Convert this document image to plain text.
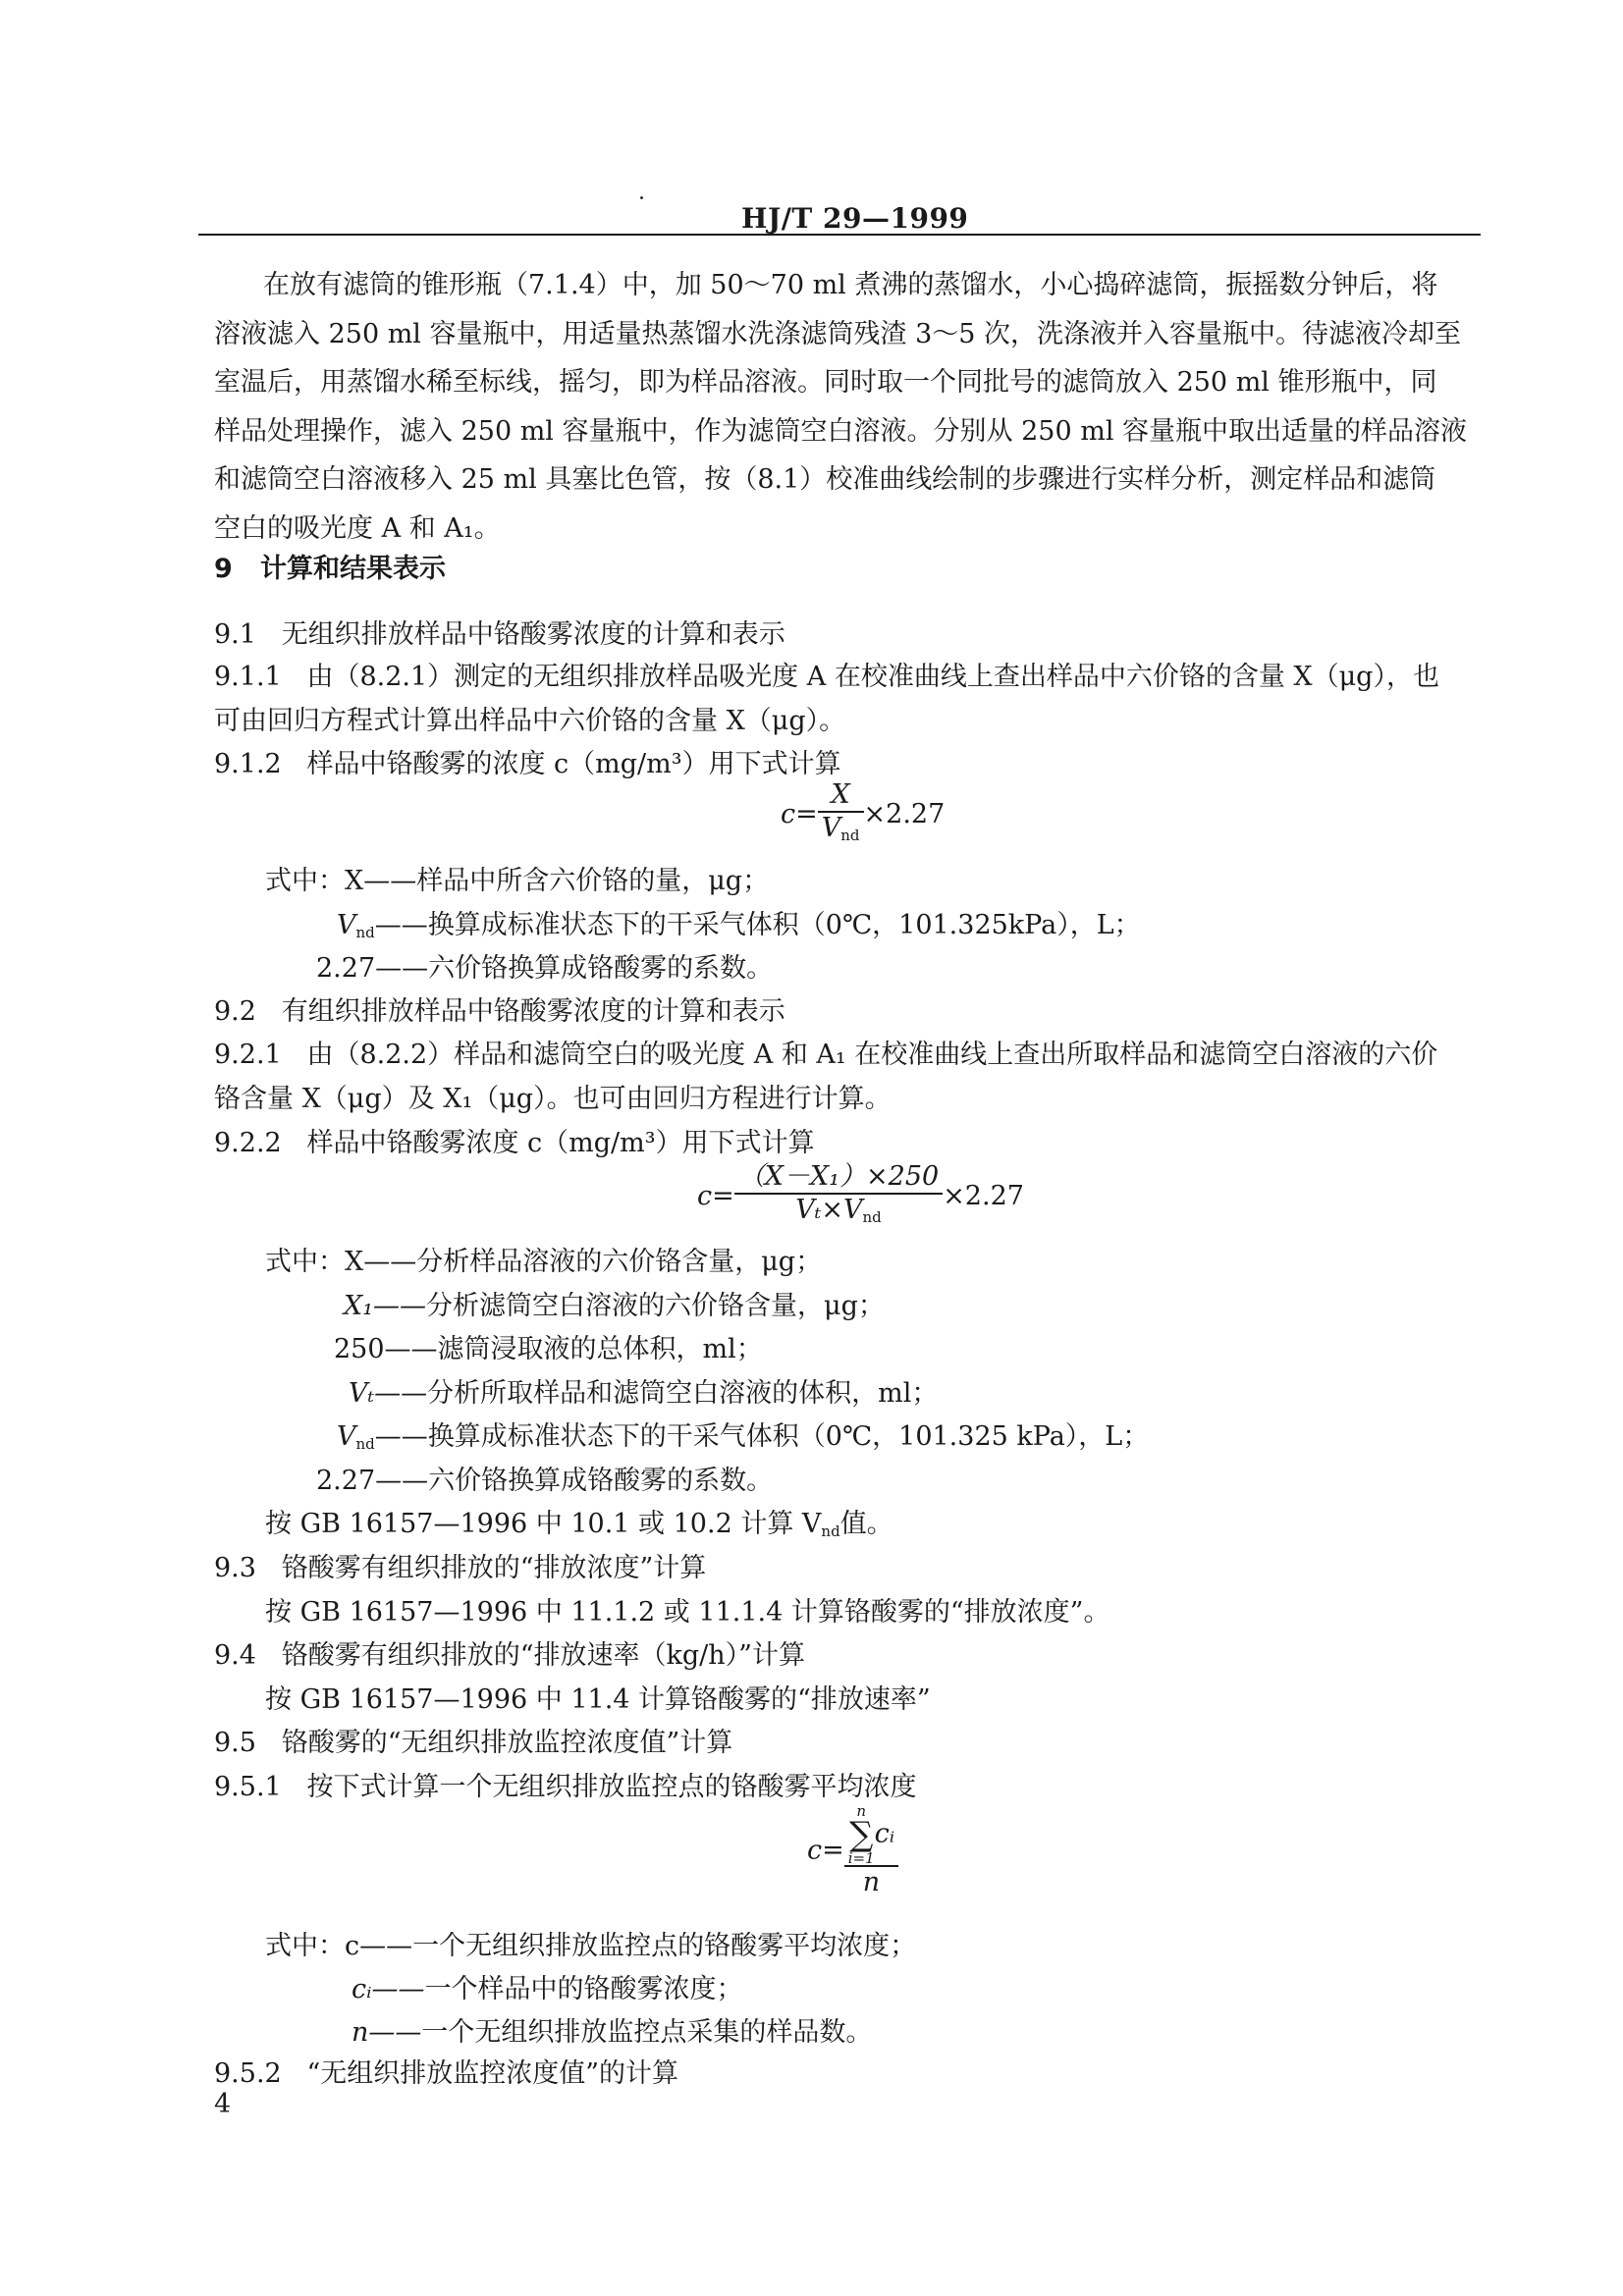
HJ/T 29—1999
在放有滤筒的锥形瓶（7.1.4）中，加 50～70 ml 煮沸的蒸馏水，小心捣碎滤筒，振摇数分钟后，将
溶液滤入 250 ml 容量瓶中，用适量热蒸馏水洗涤滤筒残渣 3～5 次，洗涤液并入容量瓶中。待滤液冷却至
室温后，用蒸馏水稀至标线，摇匀，即为样品溶液。同时取一个同批号的滤筒放入 250 ml 锥形瓶中，同
样品处理操作，滤入 250 ml 容量瓶中，作为滤筒空白溶液。分别从 250 ml 容量瓶中取出适量的样品溶液
和滤筒空白溶液移入 25 ml 具塞比色管，按（8.1）校准曲线绘制的步骤进行实样分析，测定样品和滤筒
空白的吸光度 A 和 A₁。
9 计算和结果表示
9.1 无组织排放样品中铬酸雾浓度的计算和表示
9.1.1 由（8.2.1）测定的无组织排放样品吸光度 A 在校准曲线上查出样品中六价铬的含量 X（μg），也
可由回归方程式计算出样品中六价铬的含量 X（μg）。
9.1.2 样品中铬酸雾的浓度 c（mg/m³）用下式计算
$c= \frac{X}{V_{nd}} \times 2.27$
式中：X——样品中所含六价铬的量，μg；
$V_{nd}——$换算成标准状态下的干采气体积（0℃，101.325kPa），L；
2.27——六价铬换算成铬酸雾的系数。
9.2 有组织排放样品中铬酸雾浓度的计算和表示
9.2.1 由（8.2.2）样品和滤筒空白的吸光度 A 和 A₁ 在校准曲线上查出所取样品和滤筒空白溶液的六价
铬含量 X（μg）及 X₁（μg）。也可由回归方程进行计算。
9.2.2 样品中铬酸雾浓度 c（mg/m³）用下式计算
$c= \frac{\text{（X－X₁）×250}}{V_t\times V_{nd}} \times 2.27$
式中：X——分析样品溶液的六价铬含量，μg；
X₁——分析滤筒空白溶液的六价铬含量，μg；
250——滤筒浸取液的总体积，ml；
Vₜ——分析所取样品和滤筒空白溶液的体积，ml；
$V_{nd}——$换算成标准状态下的干采气体积（0℃，101.325 kPa），L；
2.27——六价铬换算成铬酸雾的系数。
按 GB 16157—1996 中 10.1 或 10.2 计算 $V_{nd}$值。
9.3 铬酸雾有组织排放的“排放浓度”计算
按 GB 16157—1996 中 11.1.2 或 11.1.4 计算铬酸雾的“排放浓度”。
9.4 铬酸雾有组织排放的“排放速率（kg/h）”计算
按 GB 16157—1996 中 11.4 计算铬酸雾的“排放速率”
9.5 铬酸雾的“无组织排放监控浓度值”计算
9.5.1 按下式计算一个无组织排放监控点的铬酸雾平均浓度
c= n
∑
i=1cᵢ
n
式中：c——一个无组织排放监控点的铬酸雾平均浓度；
cᵢ——一个样品中的铬酸雾浓度；
n——一个无组织排放监控点采集的样品数。
9.5.2 “无组织排放监控浓度值”的计算
4
